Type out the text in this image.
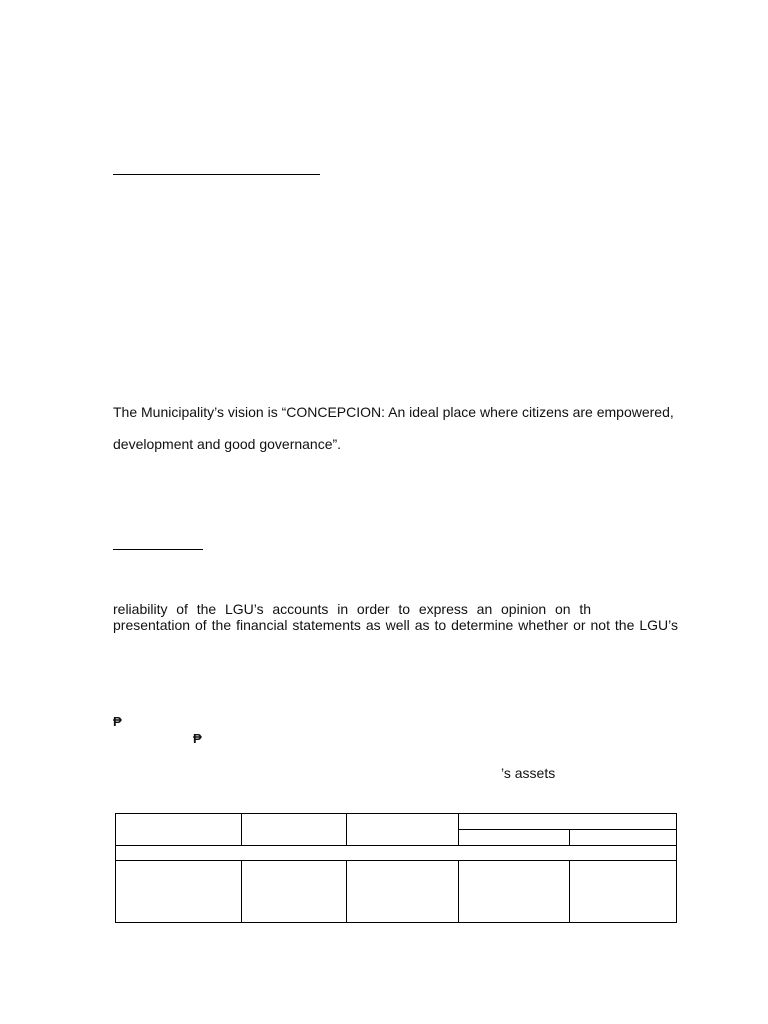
The Municipality’s vision is “CONCEPCION: An ideal place where citizens are empowered,
development and good governance”.
reliability of the LGU’s accounts in order to express an opinion on th
presentation of the financial statements as well as to determine whether or not the LGU’s
₱
₱
’s assets
